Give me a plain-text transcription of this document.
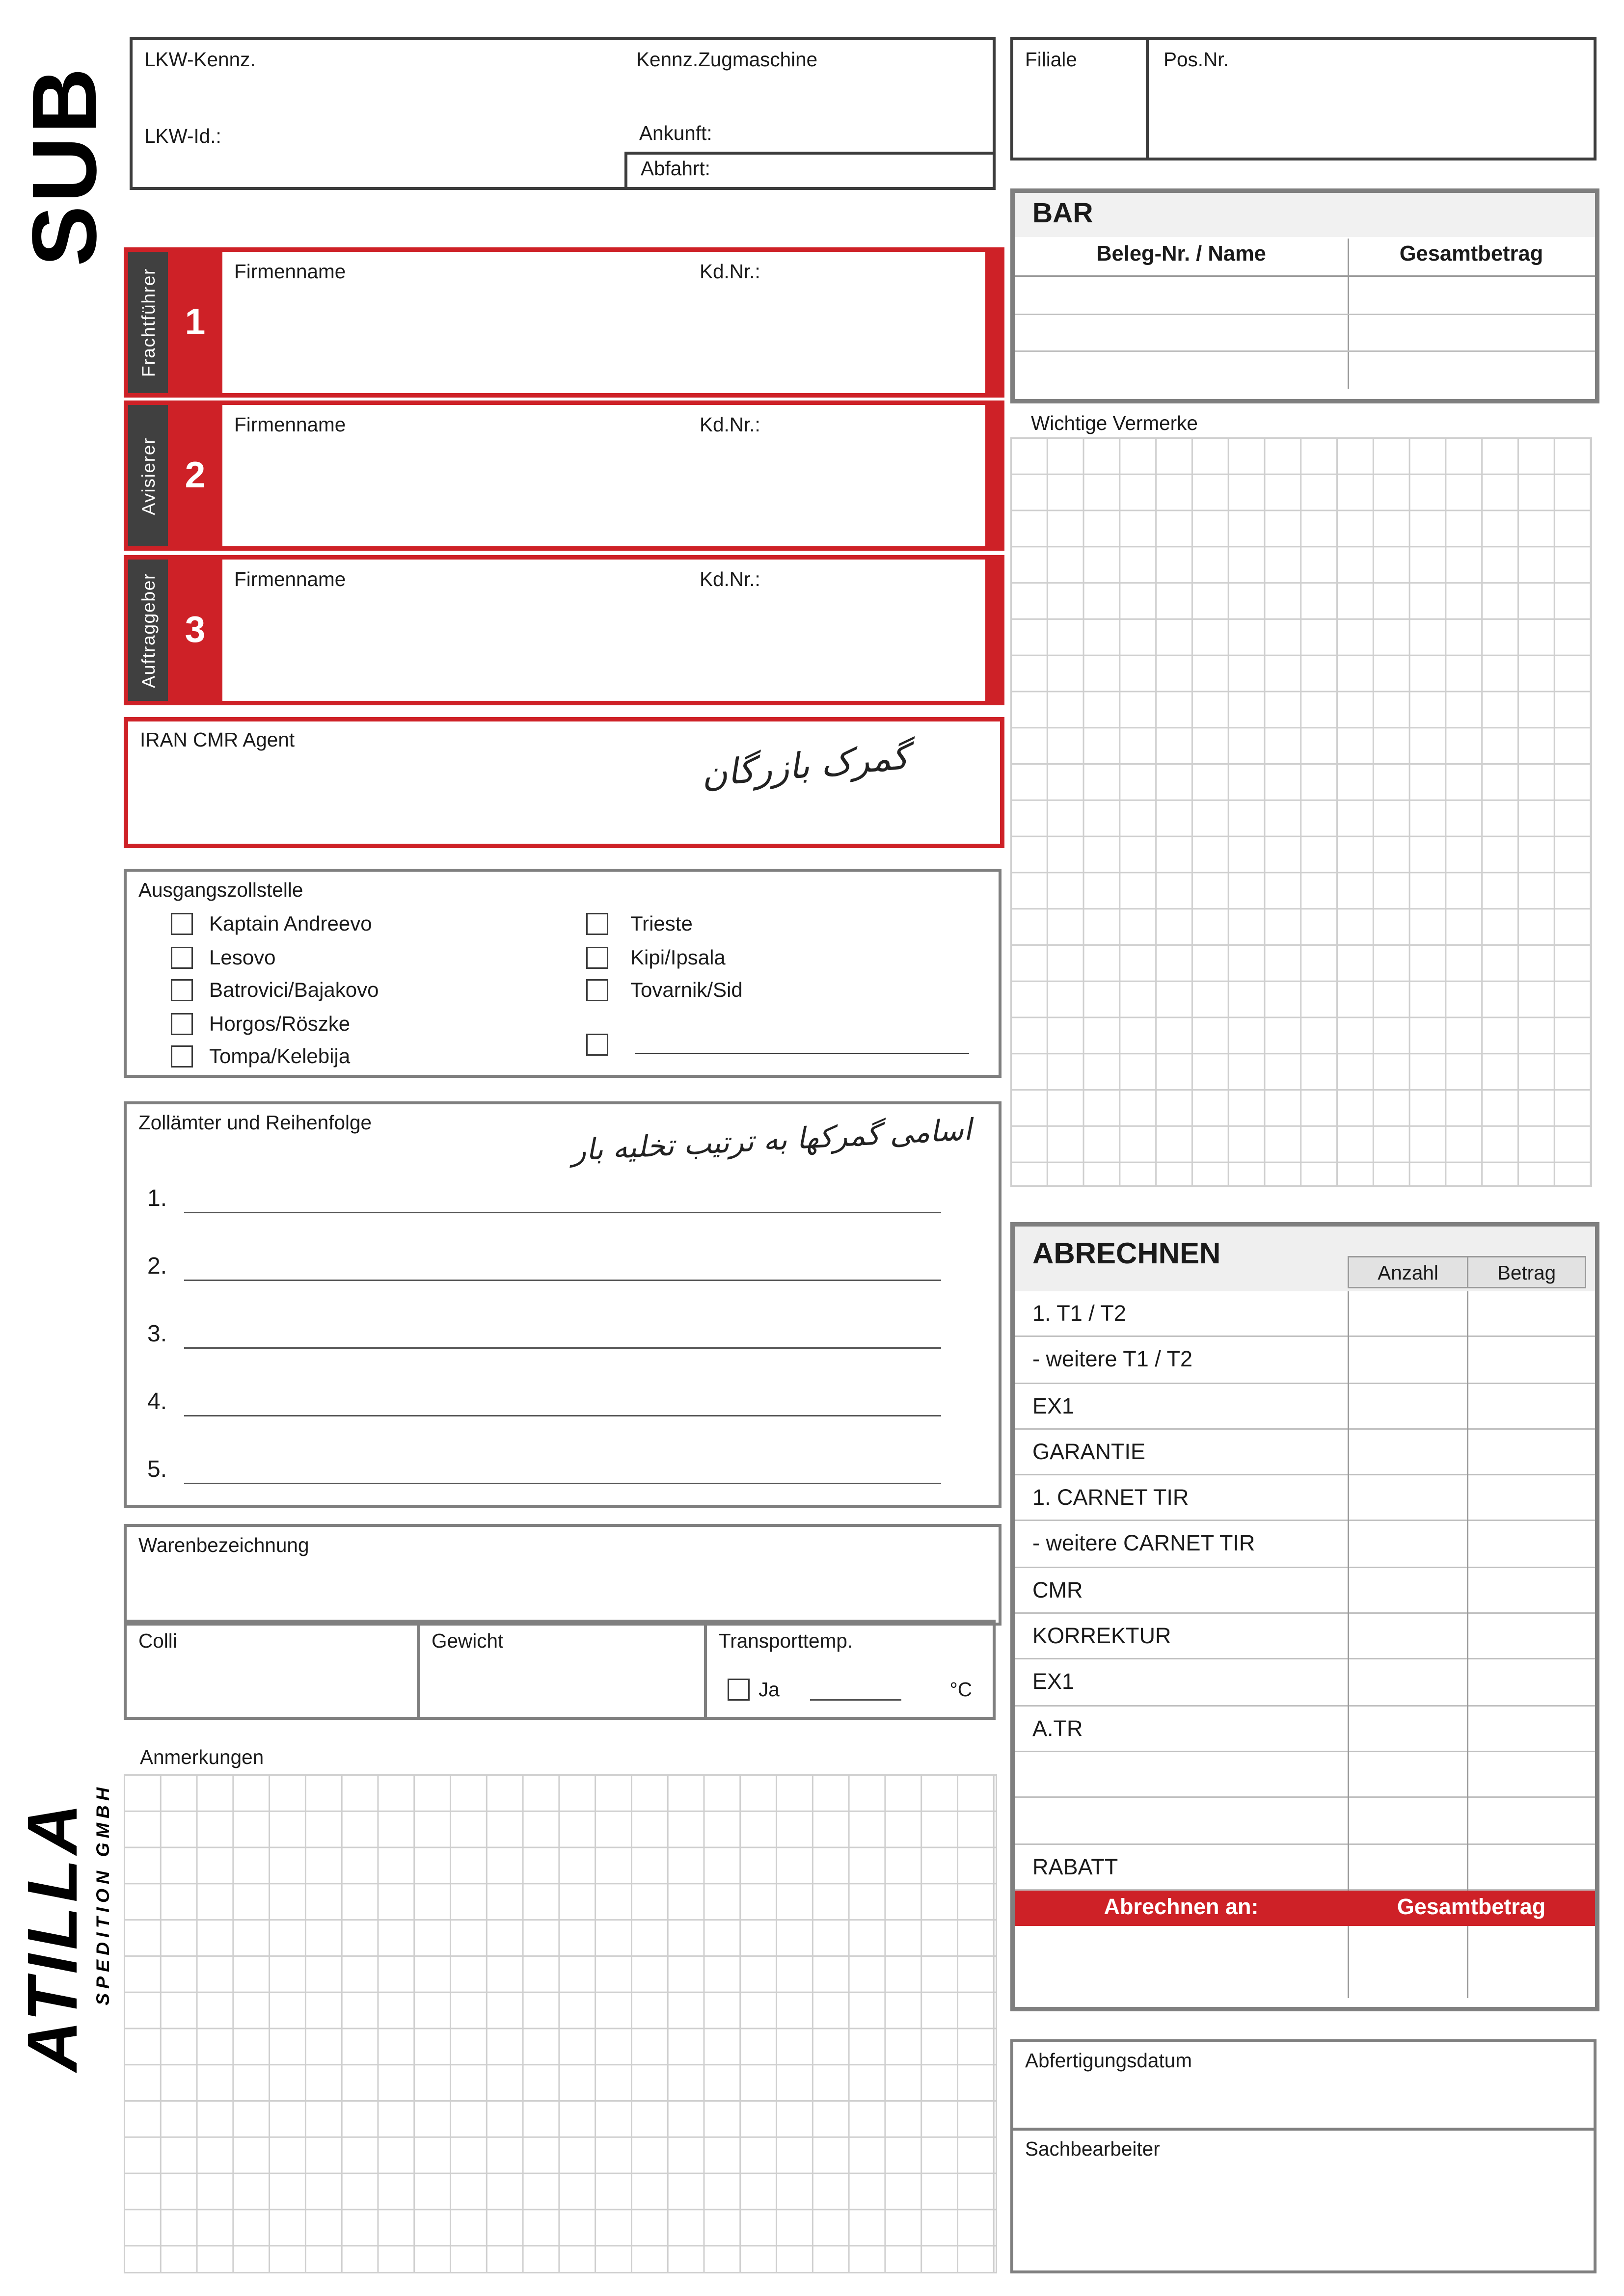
SUB
ATILLA SPEDITION GMBH
LKW-Kennz.	Kennz.Zugmaschine
LKW-Id.:	Ankunft:
Abfahrt:
Filiale	Pos.Nr.
BAR
Beleg-Nr. / Name	Gesamtbetrag
Frachtführer	1
Firmenname	Kd.Nr.:
Avisierer	2
Firmenname	Kd.Nr.:
Auftraggeber	3
Firmenname	Kd.Nr.:
IRAN CMR Agent	گمرک بازرگان
Wichtige Vermerke
Ausgangszollstelle
Kaptain Andreevo
Lesovo
Batrovici/Bajakovo
Horgos/Röszke
Tompa/Kelebija
Trieste
Kipi/Ipsala
Tovarnik/Sid
Zollämter und Reihenfolge	اسامی گمرکها به ترتیب تخلیه بار
1.
2.
3.
4.
5.
Warenbezeichnung
Colli	Gewicht	Transporttemp.
Ja	°C
Anmerkungen
ABRECHNEN
Anzahl	Betrag
1. T1 / T2
- weitere T1 / T2
EX1
GARANTIE
1. CARNET TIR
- weitere CARNET TIR
CMR
KORREKTUR
EX1
A.TR
RABATT
Abrechnen an:	Gesamtbetrag
Abfertigungsdatum
Sachbearbeiter
